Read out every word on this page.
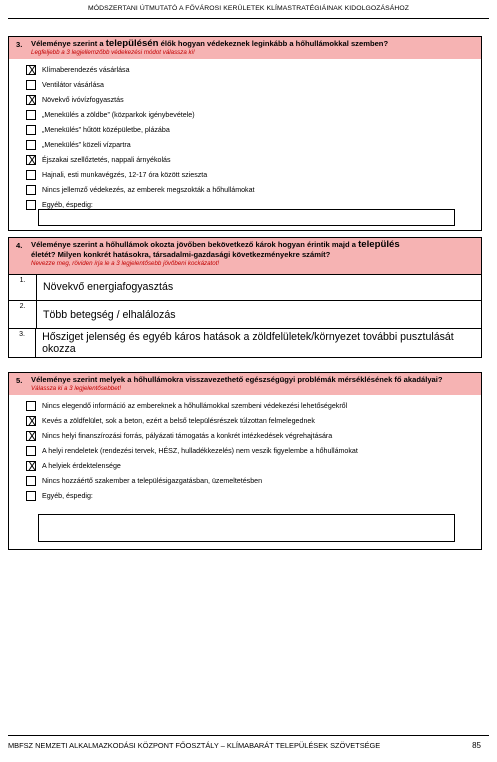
MÓDSZERTANI ÚTMUTATÓ A FŐVÁROSI KERÜLETEK KLÍMASTRATÉGIÁINAK KIDOLGOZÁSÁHOZ
3. Véleménye szerint a településén élők hogyan védekeznek leginkább a hőhullámokkal szemben?
Legfeljebb a 3 legjellemzőbb védekezési módot válassza ki!
X
Klímaberendezés vásárlása
Ventilátor vásárlása
X
Növekvő ivóvízfogyasztás
„Menekülés a zöldbe” (közparkok igénybevétele)
„Menekülés” hűtött középületbe, plázába
„Menekülés” közeli vízpartra
X
Éjszakai szellőztetés, nappali árnyékolás
Hajnali, esti munkavégzés, 12-17 óra között szieszta
Nincs jellemző védekezés, az emberek megszokták a hőhullámokat
Egyéb, éspedig:
4. Véleménye szerint a hőhullámok okozta jövőben bekövetkező károk hogyan érintik majd a település
életét? Milyen konkrét hatásokra, társadalmi-gazdasági következményekre számít?
Nevezze meg, röviden írja le a 3 legjelentősebb jövőbeni kockázatot!
1.
Növekvő energiafogyasztás
2.
Több betegség / elhalálozás
3.	Hősziget jelenség és egyéb káros hatások a zöldfelületek/környezet további pusztulását okozza
5. Véleménye szerint melyek a hőhullámokra visszavezethető egészségügyi problémák mérséklésének fő akadályai?
Válassza ki a 3 legjelentősebbet!
Nincs elegendő információ az embereknek a hőhullámokkal szembeni védekezési lehetőségekről
X
Kevés a zöldfelület, sok a beton, ezért a belső településrészek túlzottan felmelegednek
X
Nincs helyi finanszírozási forrás, pályázati támogatás a konkrét intézkedések végrehajtására
A helyi rendeletek (rendezési tervek, HÉSZ, hulladékkezelés) nem veszik figyelembe a hőhullámokat
X
A helyiek érdektelensége
Nincs hozzáértő szakember a településigazgatásban, üzemeltetésben
Egyéb, éspedig:
MBFSZ NEMZETI ALKALMAZKODÁSI KÖZPONT FŐOSZTÁLY – KLÍMABARÁT TELEPÜLÉSEK SZÖVETSÉGE	85
